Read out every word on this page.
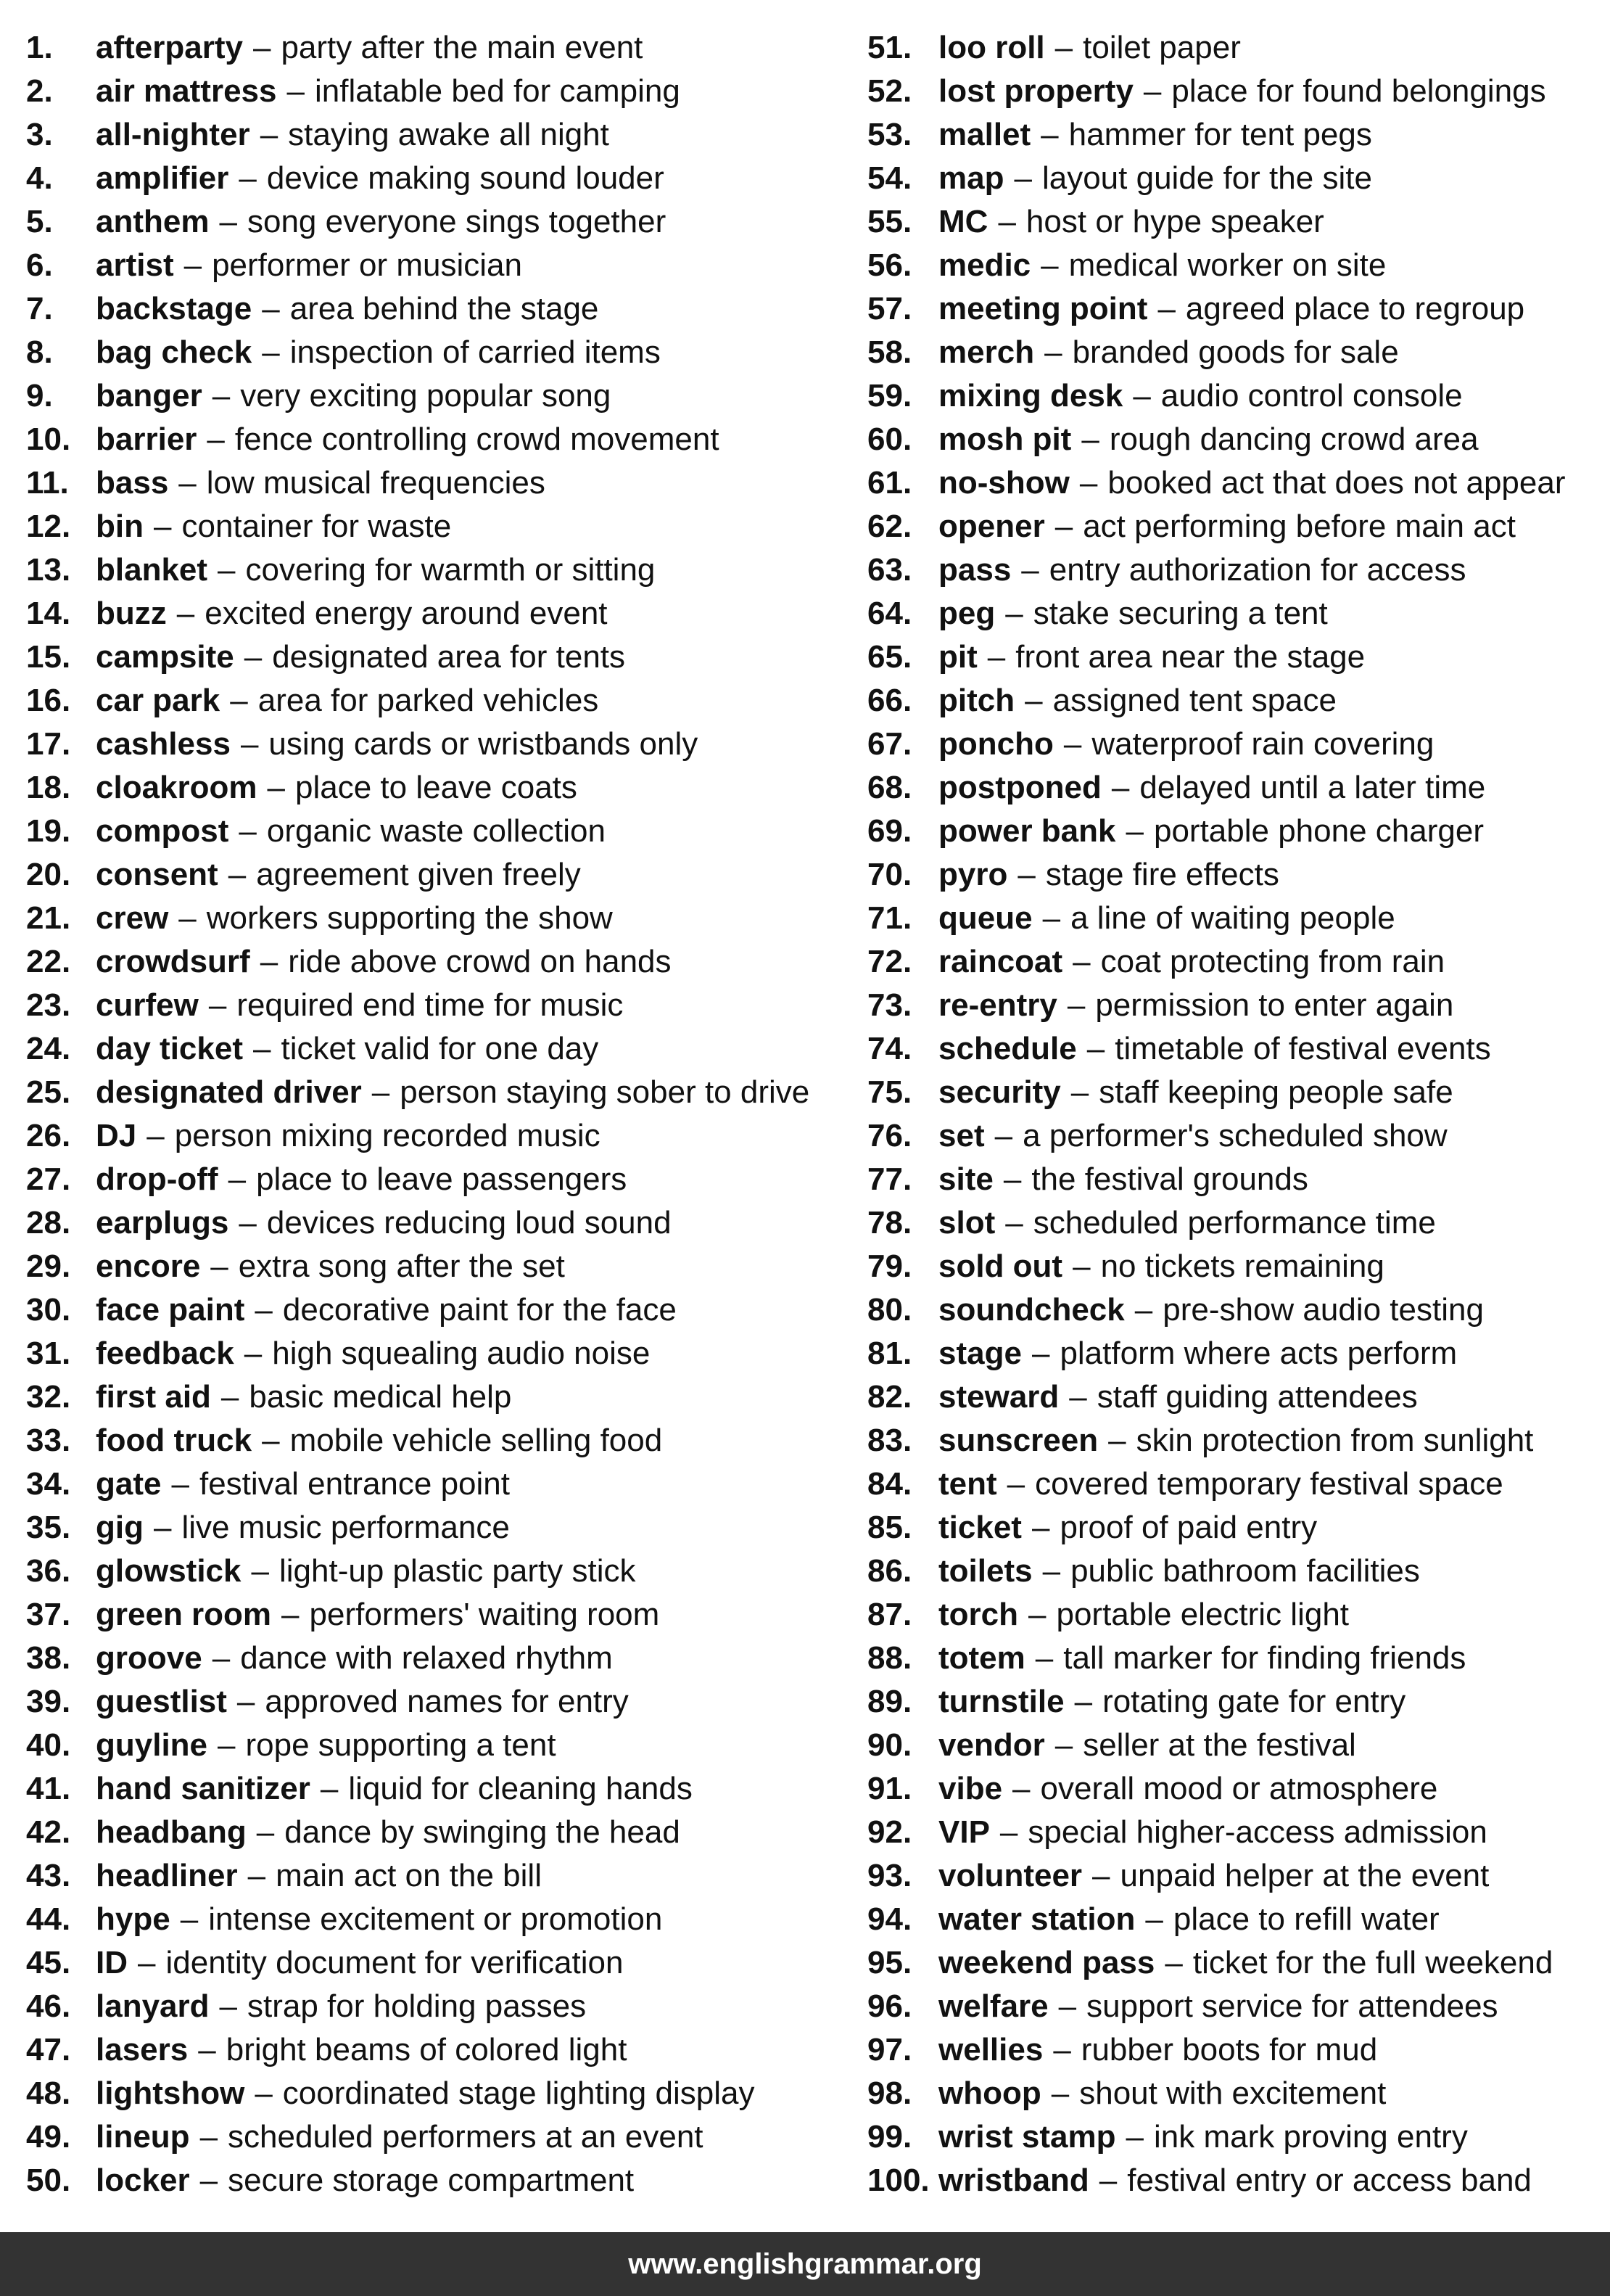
1.	afterparty – party after the main event
2.	air mattress – inflatable bed for camping
3.	all-nighter – staying awake all night
4.	amplifier – device making sound louder
5.	anthem – song everyone sings together
6.	artist – performer or musician
7.	backstage – area behind the stage
8.	bag check – inspection of carried items
9.	banger – very exciting popular song
10. barrier – fence controlling crowd movement
11. bass – low musical frequencies
12. bin – container for waste
13. blanket – covering for warmth or sitting
14. buzz – excited energy around event
15. campsite – designated area for tents
16. car park – area for parked vehicles
17. cashless – using cards or wristbands only
18. cloakroom – place to leave coats
19. compost – organic waste collection
20. consent – agreement given freely
21. crew – workers supporting the show
22. crowdsurf – ride above crowd on hands
23. curfew – required end time for music
24. day ticket – ticket valid for one day
25. designated driver – person staying sober to drive
26. DJ – person mixing recorded music
27. drop-off – place to leave passengers
28. earplugs – devices reducing loud sound
29. encore – extra song after the set
30. face paint – decorative paint for the face
31. feedback – high squealing audio noise
32. first aid – basic medical help
33. food truck – mobile vehicle selling food
34. gate – festival entrance point
35. gig – live music performance
36. glowstick – light-up plastic party stick
37. green room – performers' waiting room
38. groove – dance with relaxed rhythm
39. guestlist – approved names for entry
40. guyline – rope supporting a tent
41. hand sanitizer – liquid for cleaning hands
42. headbang – dance by swinging the head
43. headliner – main act on the bill
44. hype – intense excitement or promotion
45. ID – identity document for verification
46. lanyard – strap for holding passes
47. lasers – bright beams of colored light
48. lightshow – coordinated stage lighting display
49. lineup – scheduled performers at an event
50. locker – secure storage compartment
51. loo roll – toilet paper
52. lost property – place for found belongings
53. mallet – hammer for tent pegs
54. map – layout guide for the site
55. MC – host or hype speaker
56. medic – medical worker on site
57. meeting point – agreed place to regroup
58. merch – branded goods for sale
59. mixing desk – audio control console
60. mosh pit – rough dancing crowd area
61. no-show – booked act that does not appear
62. opener – act performing before main act
63. pass – entry authorization for access
64. peg – stake securing a tent
65. pit – front area near the stage
66. pitch – assigned tent space
67. poncho – waterproof rain covering
68. postponed – delayed until a later time
69. power bank – portable phone charger
70. pyro – stage fire effects
71. queue – a line of waiting people
72. raincoat – coat protecting from rain
73. re-entry – permission to enter again
74. schedule – timetable of festival events
75. security – staff keeping people safe
76. set – a performer's scheduled show
77. site – the festival grounds
78. slot – scheduled performance time
79. sold out – no tickets remaining
80. soundcheck – pre-show audio testing
81. stage – platform where acts perform
82. steward – staff guiding attendees
83. sunscreen – skin protection from sunlight
84. tent – covered temporary festival space
85. ticket – proof of paid entry
86. toilets – public bathroom facilities
87. torch – portable electric light
88. totem – tall marker for finding friends
89. turnstile – rotating gate for entry
90. vendor – seller at the festival
91. vibe – overall mood or atmosphere
92. VIP – special higher-access admission
93. volunteer – unpaid helper at the event
94. water station – place to refill water
95. weekend pass – ticket for the full weekend
96. welfare – support service for attendees
97. wellies – rubber boots for mud
98. whoop – shout with excitement
99. wrist stamp – ink mark proving entry
100. wristband – festival entry or access band
www.englishgrammar.org
